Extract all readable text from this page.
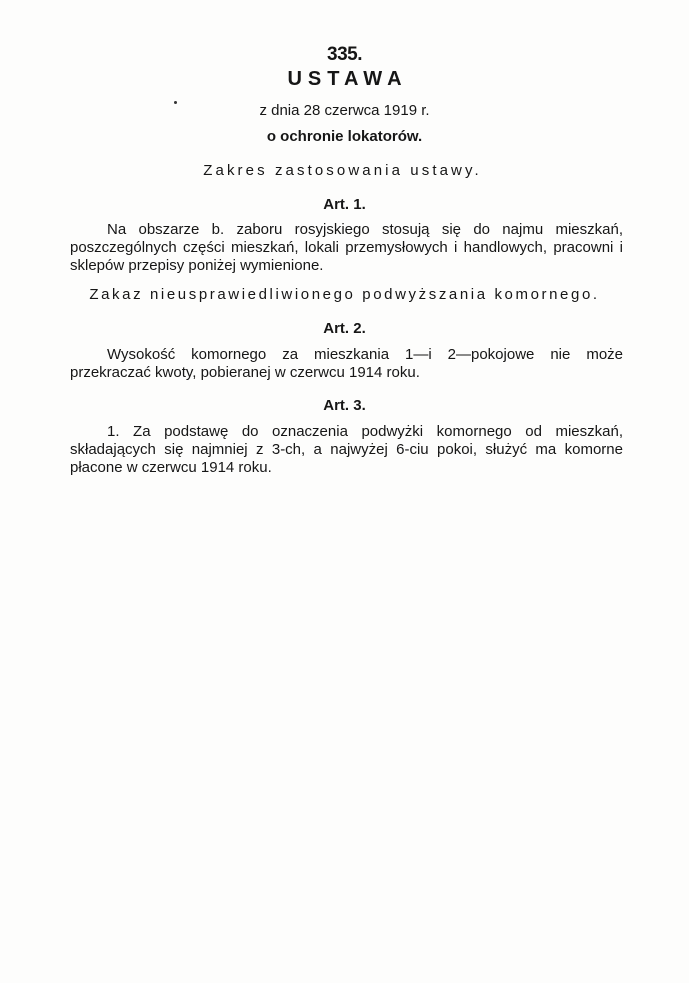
335.
USTAWA
z dnia 28 czerwca 1919 r.
o ochronie lokatorów.
Zakres zastosowania ustawy.
Art. 1.

Na obszarze b. zaboru rosyjskiego stosują się do najmu mieszkań, poszczególnych części mieszkań, lokali przemysłowych i handlowych, pracowni i sklepów przepisy poniżej wymienione.

Zakaz nieusprawiedliwionego podwyższania komornego.
Art. 2.

Wysokość komornego za mieszkania 1—i 2—pokojowe nie może przekraczać kwoty, pobieranej w czerwcu 1914 roku.

Art. 3.

1. Za podstawę do oznaczenia podwyżki komornego od mieszkań, składających się najmniej z 3-ch, a najwyżej 6-ciu pokoi, służyć ma komorne płacone w czerwcu 1914 roku.
